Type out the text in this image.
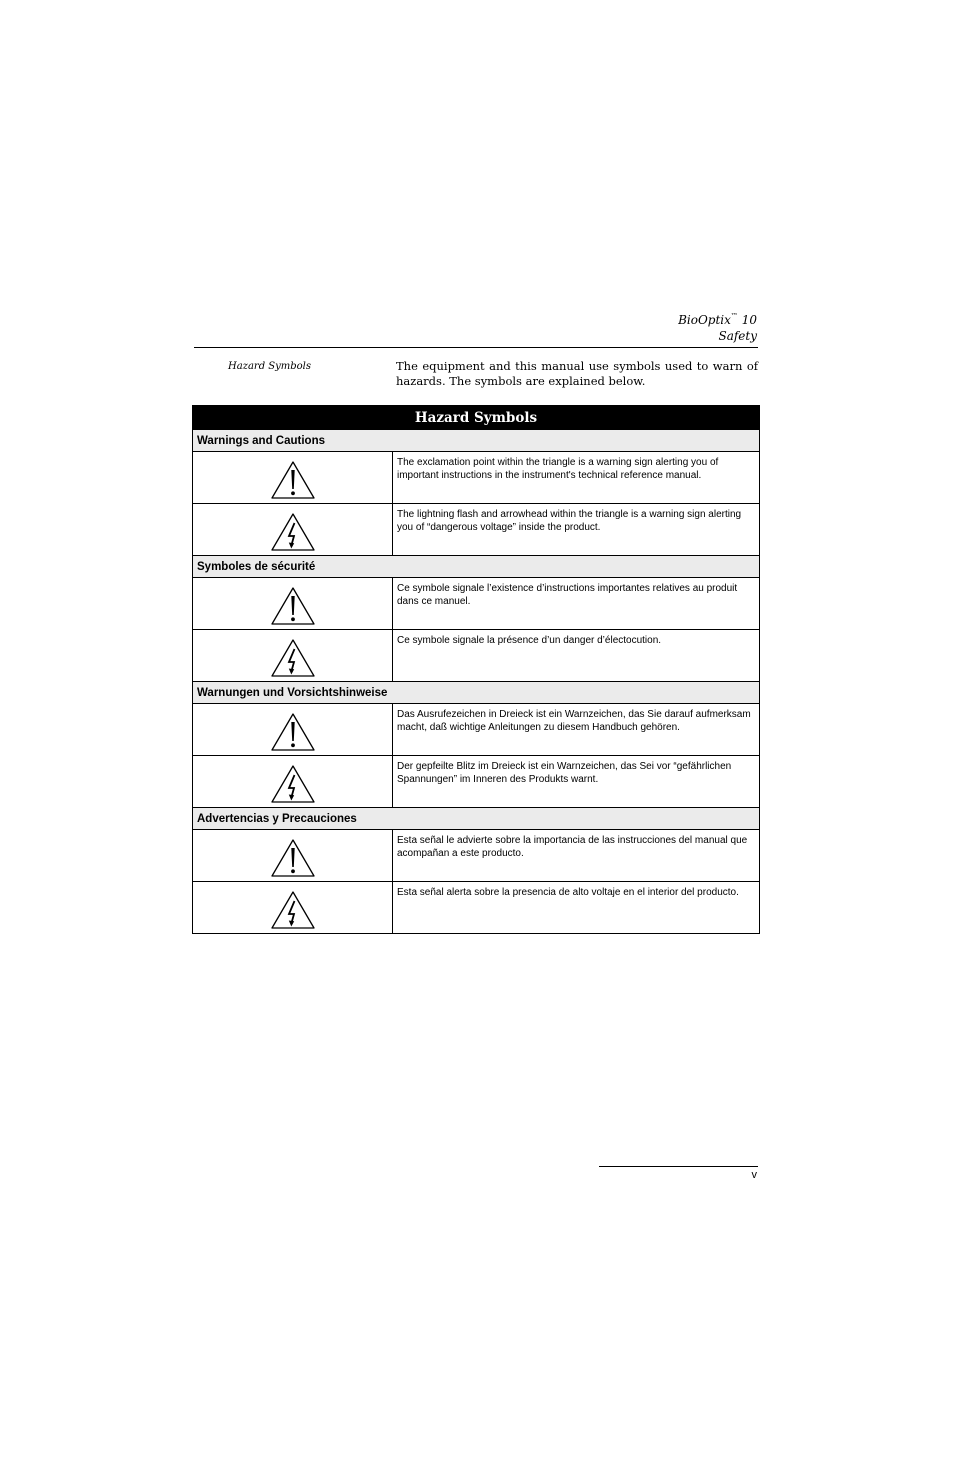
BioOptix™ 10
Safety
Hazard Symbols	The equipment and this manual use symbols used to warn of hazards. The symbols are explained below.
Hazard Symbols	
Warnings and Cautions	

	The exclamation point within the triangle is a warning sign alerting you of important instructions in the instrument's technical reference manual.

	The lightning flash and arrowhead within the triangle is a warning sign alerting you of “dangerous voltage” inside the product.
Symboles de sécurité	

	Ce symbole signale l’existence d’instructions importantes relatives au produit dans ce manuel.

	Ce symbole signale la présence d’un danger d’électocution.
Warnungen und Vorsichtshinweise	

	Das Ausrufezeichen in Dreieck ist ein Warnzeichen, das Sie darauf aufmerksam macht, daß wichtige Anleitungen zu diesem Handbuch gehören.

	Der gepfeilte Blitz im Dreieck ist ein Warnzeichen, das Sei vor “gefährlichen Spannungen” im Inneren des Produkts warnt.
Advertencias y Precauciones	

	Esta señal le advierte sobre la importancia de las instrucciones del manual que acompañan a este producto.

	Esta señal alerta sobre la presencia de alto voltaje en el interior del producto.
v
